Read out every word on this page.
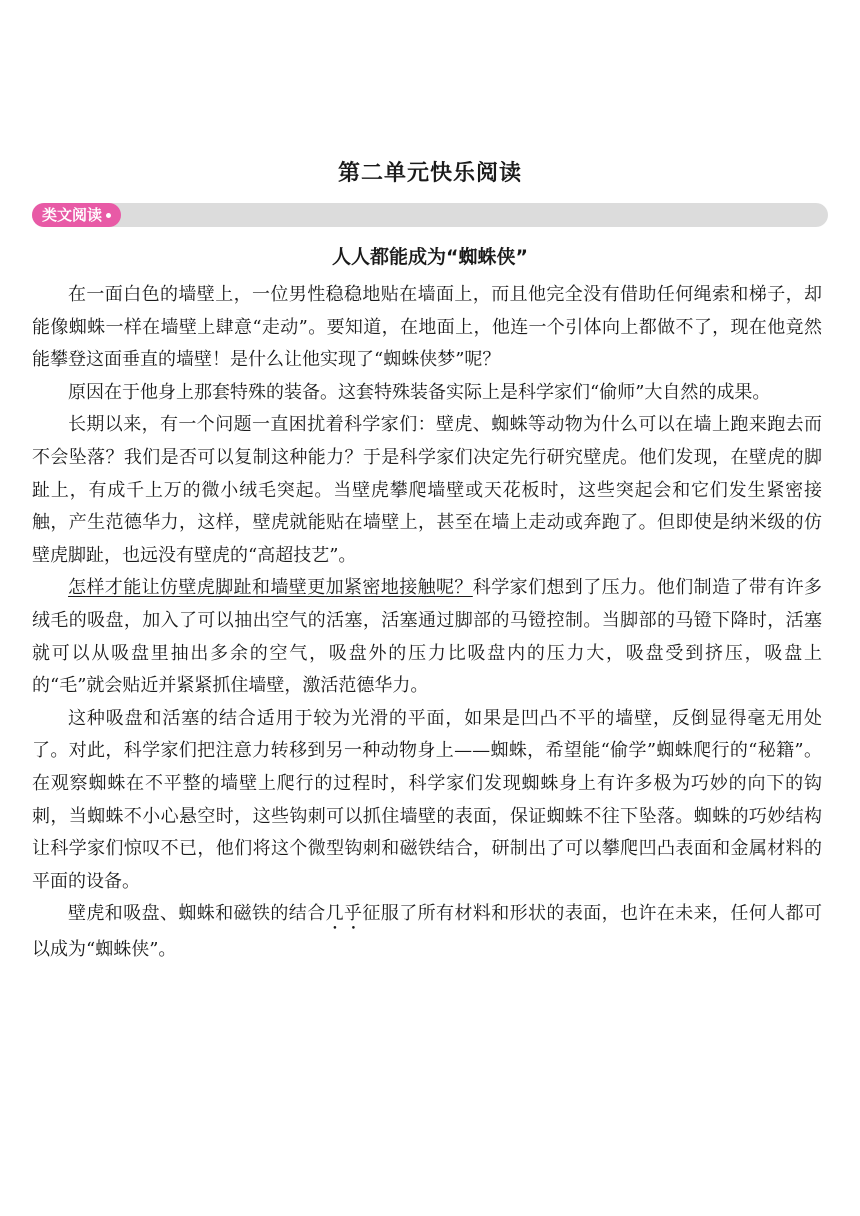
第二单元快乐阅读
类文阅读
人人都能成为“蜘蛛侠”

在一面白色的墙壁上，一位男性稳稳地贴在墙面上，而且他完全没有借助任何绳索和梯子，却能像蜘蛛一样在墙壁上肆意“走动”。要知道，在地面上，他连一个引体向上都做不了，现在他竟然能攀登这面垂直的墙壁！是什么让他实现了“蜘蛛侠梦”呢？

原因在于他身上那套特殊的装备。这套特殊装备实际上是科学家们“偷师”大自然的成果。

长期以来，有一个问题一直困扰着科学家们：壁虎、蜘蛛等动物为什么可以在墙上跑来跑去而不会坠落？我们是否可以复制这种能力？于是科学家们决定先行研究壁虎。他们发现，在壁虎的脚趾上，有成千上万的微小绒毛突起。当壁虎攀爬墙壁或天花板时，这些突起会和它们发生紧密接触，产生范德华力，这样，壁虎就能贴在墙壁上，甚至在墙上走动或奔跑了。但即使是纳米级的仿壁虎脚趾，也远没有壁虎的“高超技艺”。

怎样才能让仿壁虎脚趾和墙壁更加紧密地接触呢？科学家们想到了压力。他们制造了带有许多绒毛的吸盘，加入了可以抽出空气的活塞，活塞通过脚部的马镫控制。当脚部的马镫下降时，活塞就可以从吸盘里抽出多余的空气，吸盘外的压力比吸盘内的压力大，吸盘受到挤压，吸盘上的“毛”就会贴近并紧紧抓住墙壁，激活范德华力。

这种吸盘和活塞的结合适用于较为光滑的平面，如果是凹凸不平的墙壁，反倒显得毫无用处了。对此，科学家们把注意力转移到另一种动物身上——蜘蛛，希望能“偷学”蜘蛛爬行的“秘籍”。在观察蜘蛛在不平整的墙壁上爬行的过程时，科学家们发现蜘蛛身上有许多极为巧妙的向下的钩刺，当蜘蛛不小心悬空时，这些钩刺可以抓住墙壁的表面，保证蜘蛛不往下坠落。蜘蛛的巧妙结构让科学家们惊叹不已，他们将这个微型钩刺和磁铁结合，研制出了可以攀爬凹凸表面和金属材料的平面的设备。

壁虎和吸盘、蜘蛛和磁铁的结合几乎征服了所有材料和形状的表面，也许在未来，任何人都可以成为“蜘蛛侠”。
